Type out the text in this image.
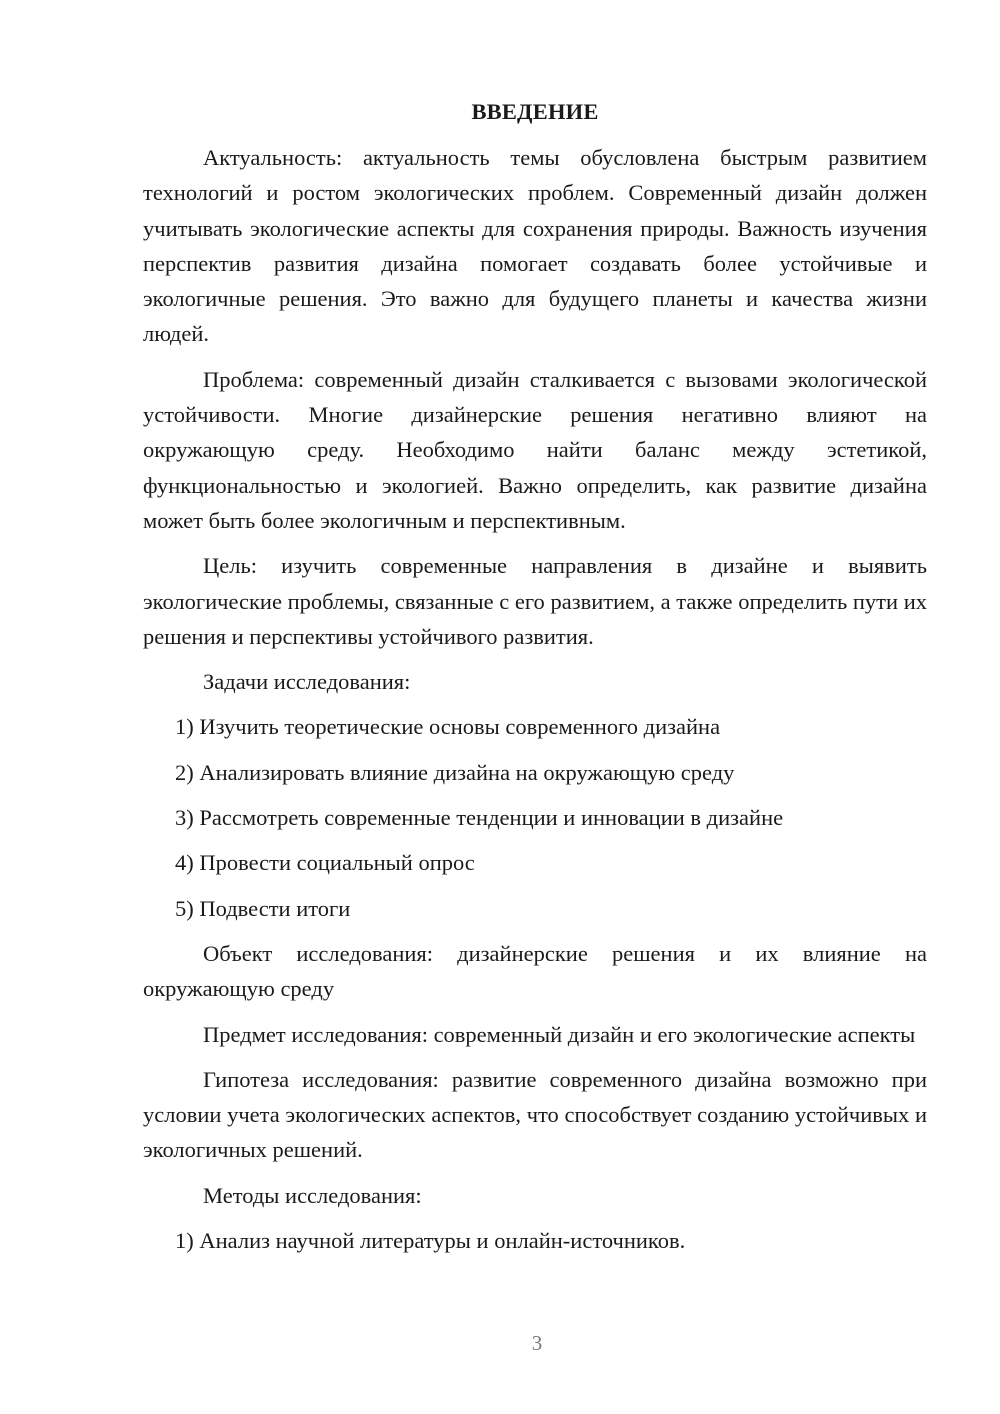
ВВЕДЕНИЕ

Актуальность: актуальность темы обусловлена быстрым развитием технологий и ростом экологических проблем. Современный дизайн должен учитывать экологические аспекты для сохранения природы. Важность изучения перспектив развития дизайна помогает создавать более устойчивые и экологичные решения. Это важно для будущего планеты и качества жизни людей.

Проблема: современный дизайн сталкивается с вызовами экологической устойчивости. Многие дизайнерские решения негативно влияют на окружающую среду. Необходимо найти баланс между эстетикой, функциональностью и экологией. Важно определить, как развитие дизайна может быть более экологичным и перспективным.

Цель: изучить современные направления в дизайне и выявить экологические проблемы, связанные с его развитием, а также определить пути их решения и перспективы устойчивого развития.

Задачи исследования:

1) Изучить теоретические основы современного дизайна
2) Анализировать влияние дизайна на окружающую среду
3) Рассмотреть современные тенденции и инновации в дизайне
4) Провести социальный опрос
5) Подвести итоги

Объект исследования: дизайнерские решения и их влияние на окружающую среду

Предмет исследования: современный дизайн и его экологические аспекты

Гипотеза исследования: развитие современного дизайна возможно при условии учета экологических аспектов, что способствует созданию устойчивых и экологичных решений.

Методы исследования:

1) Анализ научной литературы и онлайн-источников.
3
